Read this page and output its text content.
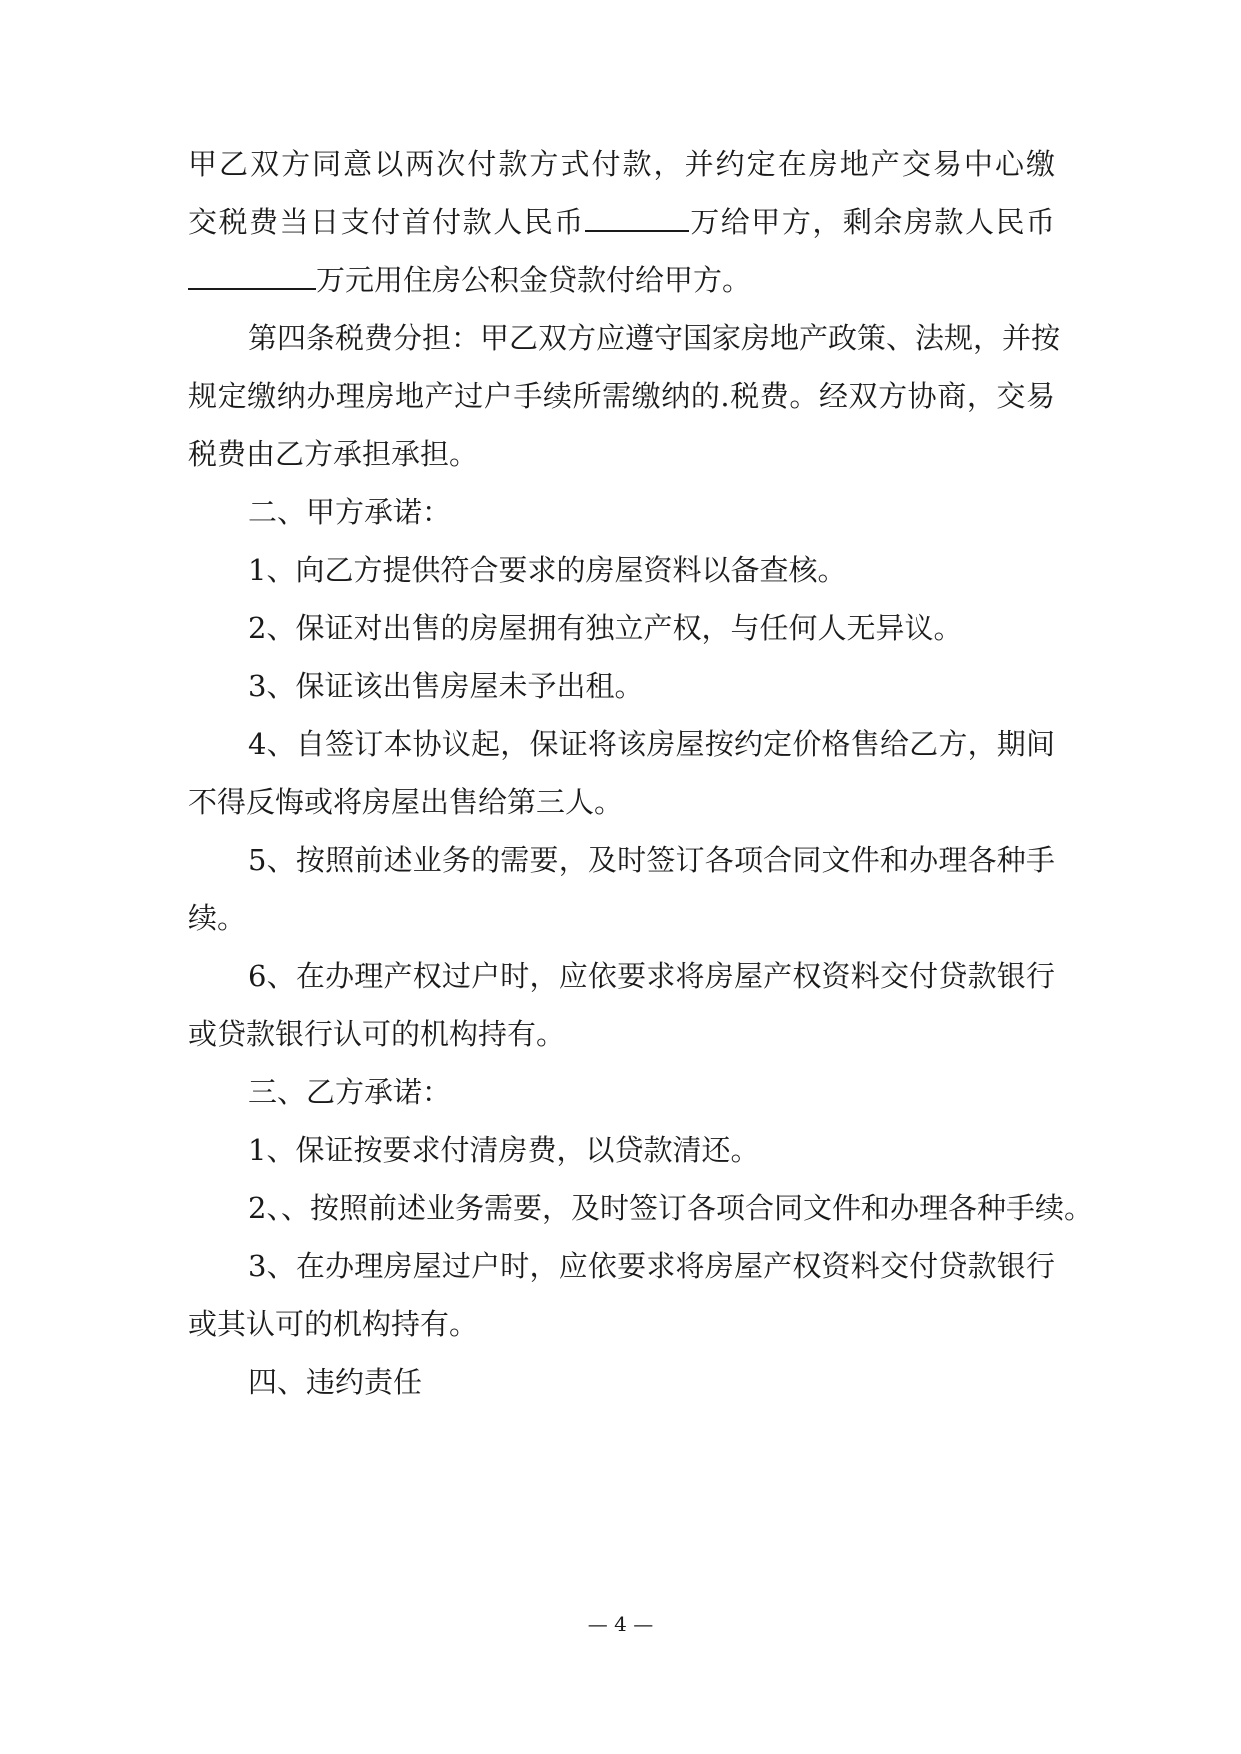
甲乙双方同意以两次付款方式付款，并约定在房地产交易中心缴
交税费当日支付首付款人民币	万给甲方，剩余房款人民币
万元用住房公积金贷款付给甲方。
第四条税费分担：甲乙双方应遵守国家房地产政策、法规，并按
规定缴纳办理房地产过户手续所需缴纳的.税费。经双方协商，交易
税费由乙方承担承担。
二、甲方承诺：
1、向乙方提供符合要求的房屋资料以备查核。
2、保证对出售的房屋拥有独立产权，与任何人无异议。
3、保证该出售房屋未予出租。
4、自签订本协议起，保证将该房屋按约定价格售给乙方，期间
不得反悔或将房屋出售给第三人。
5、按照前述业务的需要，及时签订各项合同文件和办理各种手
续。
6、在办理产权过户时，应依要求将房屋产权资料交付贷款银行
或贷款银行认可的机构持有。
三、乙方承诺：
1、保证按要求付清房费，以贷款清还。
2、、按照前述业务需要，及时签订各项合同文件和办理各种手续。
3、在办理房屋过户时，应依要求将房屋产权资料交付贷款银行
或其认可的机构持有。
四、违约责任
— 4 —
